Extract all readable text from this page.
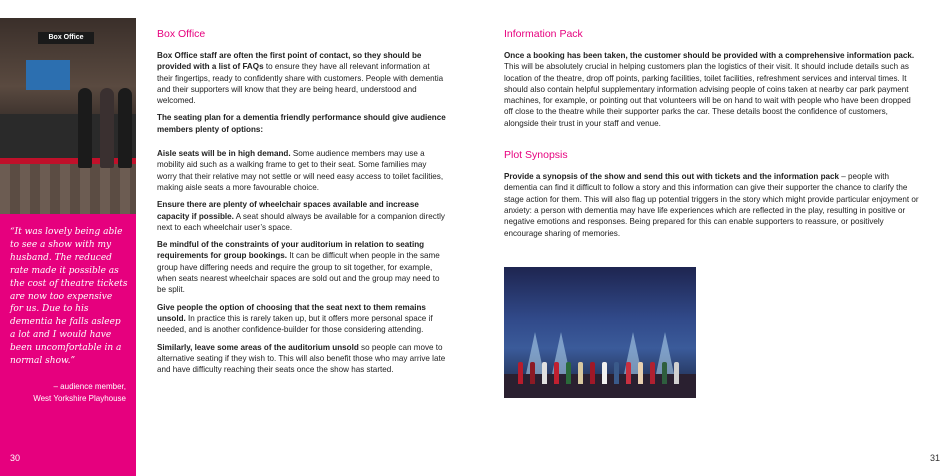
Box Office

“It was lovely being able to see a show with my husband. The reduced rate made it possible as the cost of theatre tickets are now too expensive for us. Due to his dementia he falls asleep a lot and I would have been uncomfortable in a normal show.”

– audience member,
West Yorkshire Playhouse
30
Box Office

Box Office staff are often the first point of contact, so they should be provided with a list of FAQs to ensure they have all relevant information at their fingertips, ready to confidently share with customers. People with dementia and their supporters will know that they are being heard, understood and welcomed.

The seating plan for a dementia friendly performance should give audience members plenty of options:

Aisle seats will be in high demand. Some audience members may use a mobility aid such as a walking frame to get to their seat. Some families may worry that their relative may not settle or will need easy access to toilet facilities, making aisle seats a more favourable choice.

Ensure there are plenty of wheelchair spaces available and increase capacity if possible. A seat should always be available for a companion directly next to each wheelchair user’s space.

Be mindful of the constraints of your auditorium in relation to seating requirements for group bookings. It can be difficult when people in the same group have differing needs and require the group to sit together, for example, when seats nearest wheelchair spaces are sold out and the group may need to be split.

Give people the option of choosing that the seat next to them remains unsold. In practice this is rarely taken up, but it offers more personal space if needed, and is another confidence-builder for those considering attending.

Similarly, leave some areas of the auditorium unsold so people can move to alternative seating if they wish to. This will also benefit those who may arrive late and have difficulty reaching their seats once the show has started.

Information Pack

Once a booking has been taken, the customer should be provided with a comprehensive information pack. This will be absolutely crucial in helping customers plan the logistics of their visit. It should include details such as location of the theatre, drop off points, parking facilities, toilet facilities, refreshment services and interval times. It should also contain helpful supplementary information advising people of coins taken at nearby car park payment machines, for example, or pointing out that volunteers will be on hand to wait with people who have been dropped off close to the theatre while their supporter parks the car. These details boost the confidence of customers, alongside their trust in your staff and venue.

Plot Synopsis

Provide a synopsis of the show and send this out with tickets and the information pack – people with dementia can find it difficult to follow a story and this information can give their supporter the chance to clarify the stage action for them. This will also flag up potential triggers in the story which might provide particular enjoyment or anxiety: a person with dementia may have life experiences which are reflected in the play, resulting in positive or negative emotions and responses. Being prepared for this can enable supporters to reassure, or positively encourage sharing of memories.

31
